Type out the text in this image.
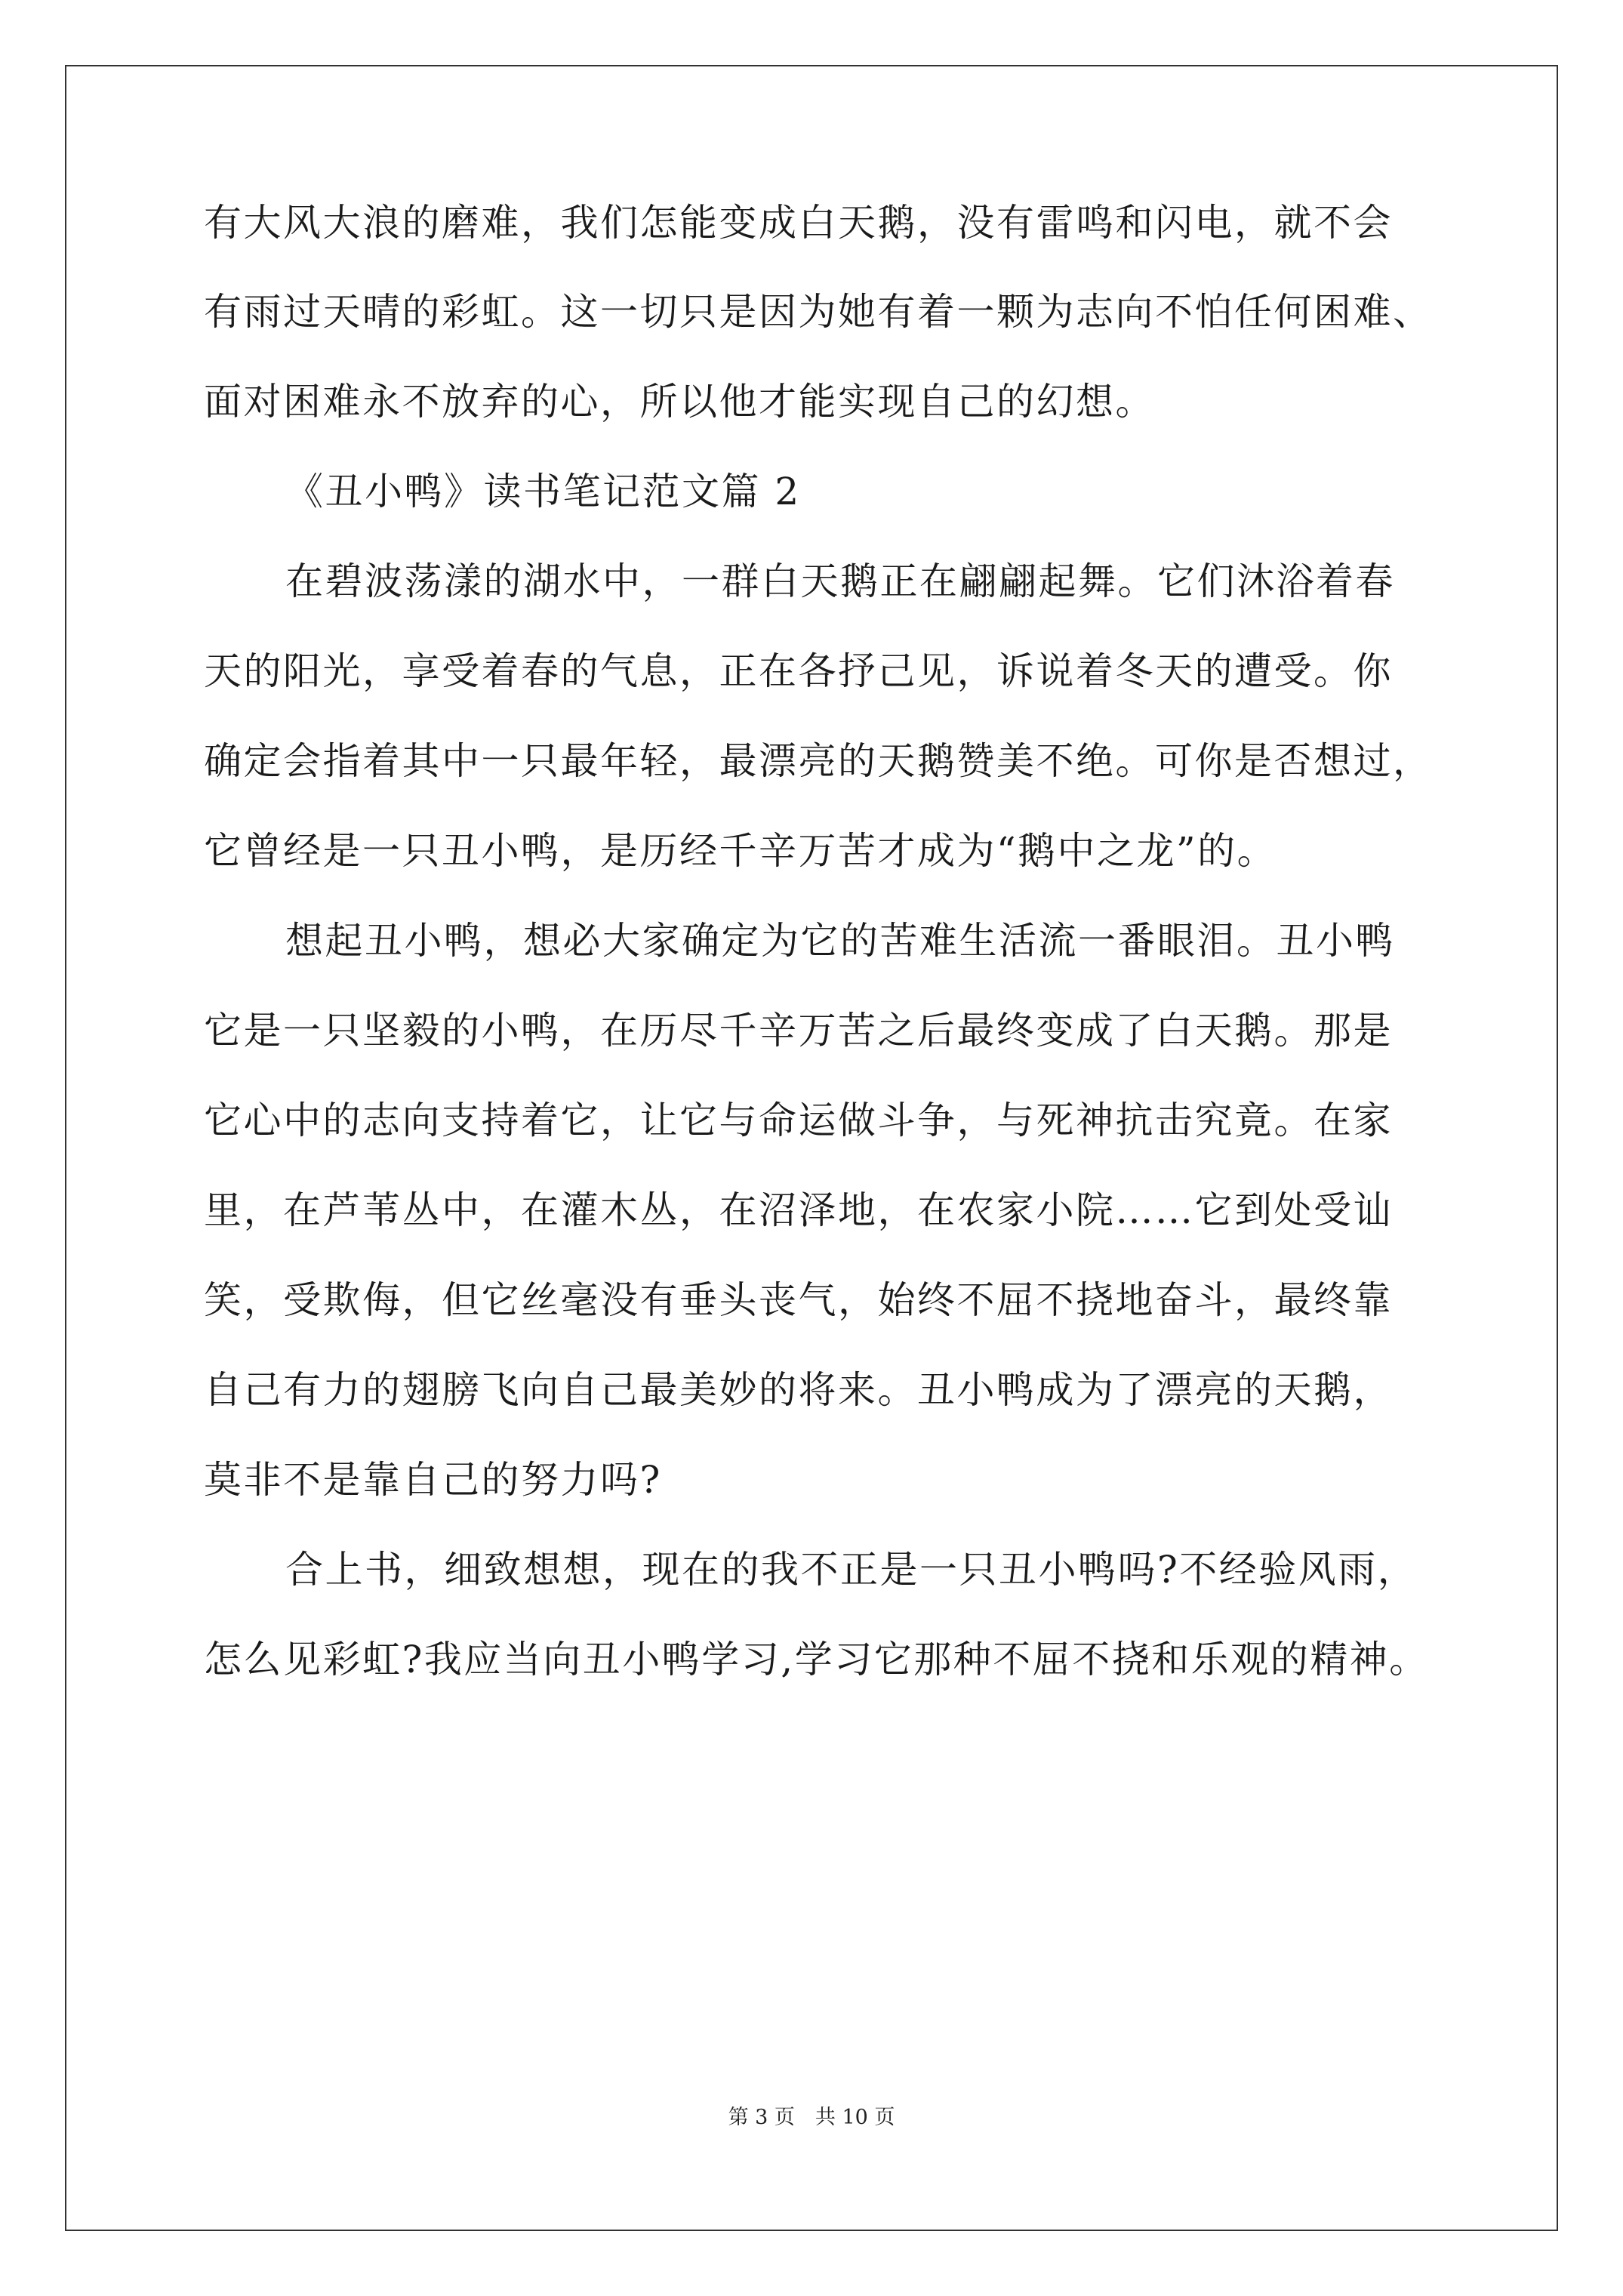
有大风大浪的磨难，我们怎能变成白天鹅，没有雷鸣和闪电，就不会
有雨过天晴的彩虹。这一切只是因为她有着一颗为志向不怕任何困难、
面对困难永不放弃的心，所以他才能实现自己的幻想。
《丑小鸭》读书笔记范文篇 2
在碧波荡漾的湖水中，一群白天鹅正在翩翩起舞。它们沐浴着春
天的阳光，享受着春的气息，正在各抒己见，诉说着冬天的遭受。你
确定会指着其中一只最年轻，最漂亮的天鹅赞美不绝。可你是否想过，
它曾经是一只丑小鸭，是历经千辛万苦才成为“鹅中之龙”的。
想起丑小鸭，想必大家确定为它的苦难生活流一番眼泪。丑小鸭
它是一只坚毅的小鸭，在历尽千辛万苦之后最终变成了白天鹅。那是
它心中的志向支持着它，让它与命运做斗争，与死神抗击究竟。在家
里，在芦苇丛中，在灌木丛，在沼泽地，在农家小院……它到处受讪
笑，受欺侮，但它丝毫没有垂头丧气，始终不屈不挠地奋斗，最终靠
自己有力的翅膀飞向自己最美妙的将来。丑小鸭成为了漂亮的天鹅，
莫非不是靠自己的努力吗?
合上书，细致想想，现在的我不正是一只丑小鸭吗?不经验风雨，
怎么见彩虹?我应当向丑小鸭学习,学习它那种不屈不挠和乐观的精神。
第 3 页　共 10 页
